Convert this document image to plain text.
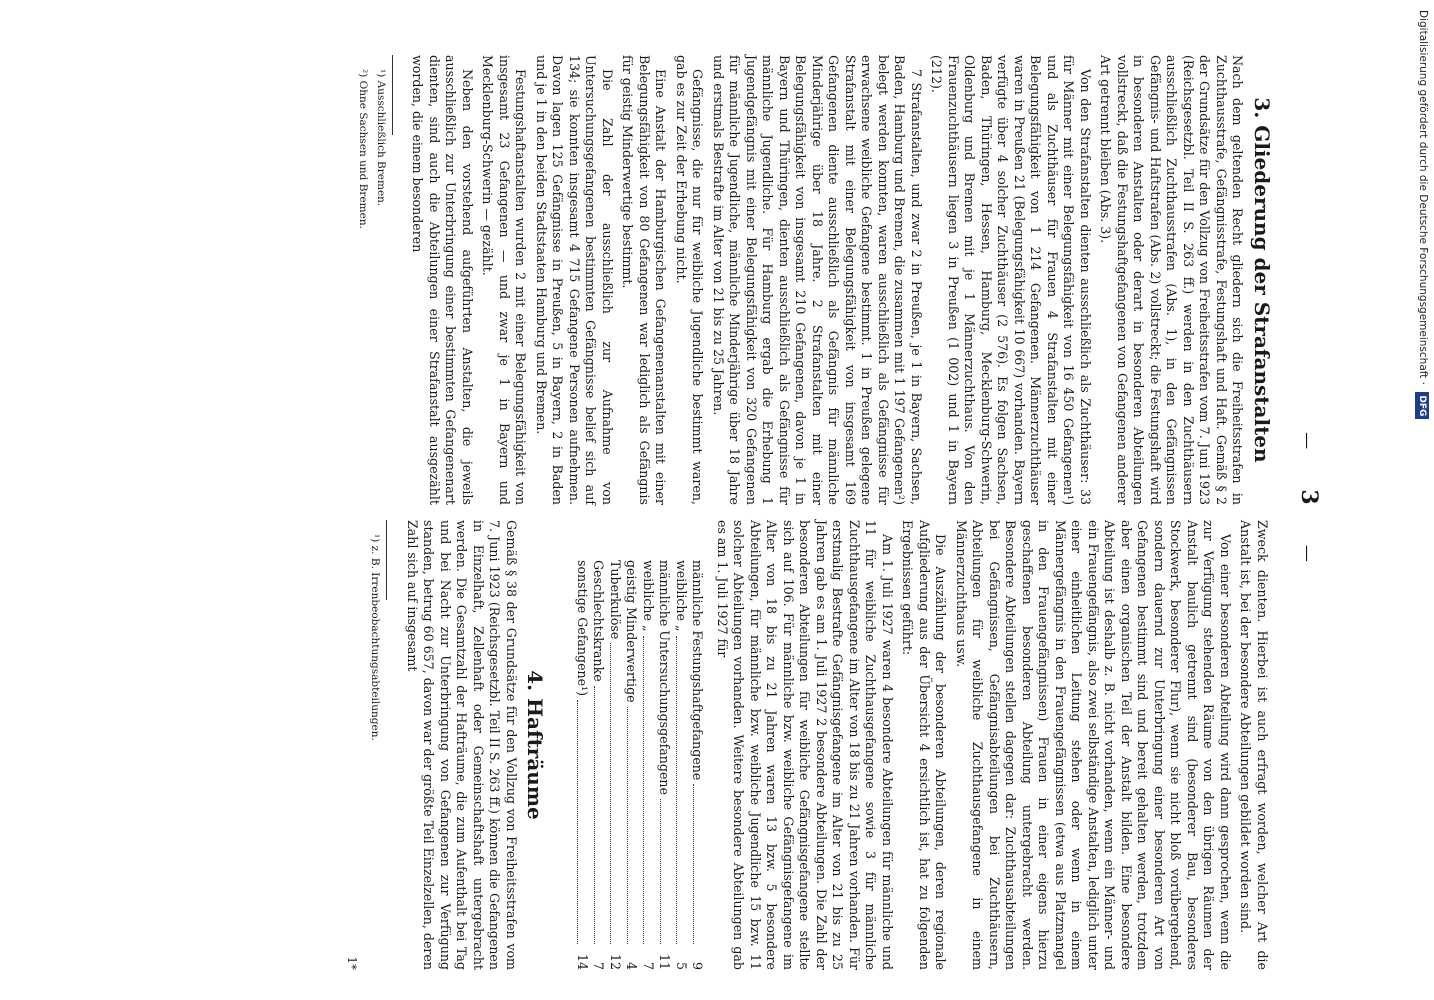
—   3   —
3. Gliederung der Strafanstalten

Nach dem geltenden Recht gliedern sich die Freiheitsstrafen in Zuchthausstrafe, Gefängnisstrafe, Festungshaft und Haft. Gemäß § 2 der Grundsätze für den Vollzug von Freiheitsstrafen vom 7. Juni 1923 (Reichsgesetzbl. Teil II S. 263 ff.) werden in den Zuchthäusern ausschließlich Zuchthausstrafen (Abs. 1), in den Gefängnissen Gefängnis- und Haftstrafen (Abs. 2) vollstreckt; die Festungshaft wird in besonderen Anstalten oder derart in besonderen Abteilungen vollstreckt, daß die Festungshaftgefangenen von Gefangenen anderer Art getrennt bleiben (Abs. 3).

Von den Strafanstalten dienten ausschließlich als Zuchthäuser: 33 für Männer mit einer Belegungsfähigkeit von 16 450 Gefangenen¹) und als Zuchthäuser für Frauen 4 Strafanstalten mit einer Belegungsfähigkeit von 1 214 Gefangenen. Männerzuchthäuser waren in Preußen 21 (Belegungsfähigkeit 10 667) vorhanden. Bayern verfügte über 4 solcher Zuchthäuser (2 576). Es folgen Sachsen, Baden, Thüringen, Hessen, Hamburg, Mecklenburg-Schwerin, Oldenburg und Bremen mit je 1 Männerzuchthaus. Von den Frauenzuchthäusern liegen 3 in Preußen (1 002) und 1 in Bayern (212).

7 Strafanstalten, und zwar 2 in Preußen, je 1 in Bayern, Sachsen, Baden, Hamburg und Bremen, die zusammen mit 1 197 Gefangenen²) belegt werden konnten, waren ausschließlich als Gefängnisse für erwachsene weibliche Gefangene bestimmt. 1 in Preußen gelegene Strafanstalt mit einer Belegungsfähigkeit von insgesamt 169 Gefangenen diente ausschließlich als Gefängnis für männliche Minderjährige über 18 Jahre. 2 Strafanstalten mit einer Belegungsfähigkeit von insgesamt 210 Gefangenen, davon je 1 in Bayern und Thüringen, dienten ausschließlich als Gefängnisse für männliche Jugendliche. Für Hamburg ergab die Erhebung 1 Jugendgefängnis mit einer Belegungsfähigkeit von 320 Gefangenen für männliche Jugendliche, männliche Minderjährige über 18 Jahre und erstmals Bestrafte im Alter von 21 bis zu 25 Jahren.

Gefängnisse, die nur für weibliche Jugendliche bestimmt waren, gab es zur Zeit der Erhebung nicht.

Eine Anstalt der Hamburgischen Gefangenenanstalten mit einer Belegungsfähigkeit von 80 Gefangenen war lediglich als Gefängnis für geistig Minderwertige bestimmt.

Die Zahl der ausschließlich zur Aufnahme von Untersuchungsgefangenen bestimmten Gefängnisse belief sich auf 134; sie konnten insgesamt 4 715 Gefangene Personen aufnehmen. Davon lagen 125 Gefängnisse in Preußen, 5 in Bayern, 2 in Baden und je 1 in den beiden Stadtstaaten Hamburg und Bremen.

Festungshaftanstalten wurden 2 mit einer Belegungsfähigkeit von insgesamt 23 Gefangenen — und zwar je 1 in Bayern und Mecklenburg-Schwerin — gezählt.

Neben den vorstehend aufgeführten Anstalten, die jeweils ausschließlich zur Unterbringung einer bestimmten Gefangenenart dienten, sind auch die Abteilungen einer Strafanstalt ausgezählt worden, die einem besonderen

¹) Ausschließlich Bremen.

²) Ohne Sachsen und Bremen.

Zweck dienten. Hierbei ist auch erfragt worden, welcher Art die Anstalt ist, bei der besondere Abteilungen gebildet worden sind.

Von einer besonderen Abteilung wird dann gesprochen, wenn die zur Verfügung stehenden Räume von den übrigen Räumen der Anstalt baulich getrennt sind (besonderer Bau, besonderes Stockwerk, besonderer Flur), wenn sie nicht bloß vorübergehend, sondern dauernd zur Unterbringung einer besonderen Art von Gefangenen bestimmt sind und bereit gehalten werden, trotzdem aber einen organischen Teil der Anstalt bilden. Eine besondere Abteilung ist deshalb z. B. nicht vorhanden, wenn ein Männer- und ein Frauengefängnis, also zwei selbständige Anstalten, lediglich unter einer einheitlichen Leitung stehen oder wenn in einem Männergefängnis in den Frauengefängnissen (etwa aus Platzmangel in den Frauengefängnissen) Frauen in einer eigens hierzu geschaffenen besonderen Abteilung untergebracht werden. Besondere Abteilungen stellen dagegen dar: Zuchthausabteilungen bei Gefängnissen, Gefängnisabteilungen bei Zuchthäusern, Abteilungen für weibliche Zuchthausgefangene in einem Männerzuchthaus usw.

Die Auszählung der besonderen Abteilungen, deren regionale Aufgliederung aus der Übersicht 4 ersichtlich ist, hat zu folgenden Ergebnissen geführt:

Am 1. Juli 1927 waren 4 besondere Abteilungen für männliche und 11 für weibliche Zuchthausgefangene sowie 3 für männliche Zuchthausgefangene im Alter von 18 bis zu 21 Jahren vorhanden. Für erstmalig Bestrafte Gefängnisgefangene im Alter von 21 bis zu 25 Jahren gab es am 1. Juli 1927 2 besondere Abteilungen. Die Zahl der besonderen Abteilungen für weibliche Gefängnisgefangene stellte sich auf 106. Für männliche bzw. weibliche Gefängnisgefangene im Alter von 18 bis zu 21 Jahren waren 13 bzw. 5 besondere Abteilungen, für männliche bzw. weibliche Jugendliche 15 bzw. 11 solcher Abteilungen vorhanden. Weitere besondere Abteilungen gab es am 1. Juli 1927 für

männliche Festungshaftgefangene
9
weibliche „
5
männliche Untersuchungsgefangene
11
weibliche „
7
geistig Minderwertige
4
Tuberkulöse
12
Geschlechtskranke
7
sonstige Gefangene¹)
14
4. Hafträume

Gemäß § 38 der Grundsätze für den Vollzug von Freiheitsstrafen vom 7. Juni 1923 (Reichsgesetzbl. Teil II S. 263 ff.) können die Gefangenen in Einzelhaft, Zellenhaft oder Gemeinschaftshaft untergebracht werden. Die Gesamtzahl der Hafträume, die zum Aufenthalt bei Tag und bei Nacht zur Unterbringung von Gefangenen zur Verfügung standen, betrug 60 657, davon war der größte Teil Einzelzellen, deren Zahl sich auf insgesamt

¹) z. B. Irrenbeobachtungsabteilungen.

1*
Digitalisierung gefördert durch die Deutsche Forschungsgemeinschaft · DFG
